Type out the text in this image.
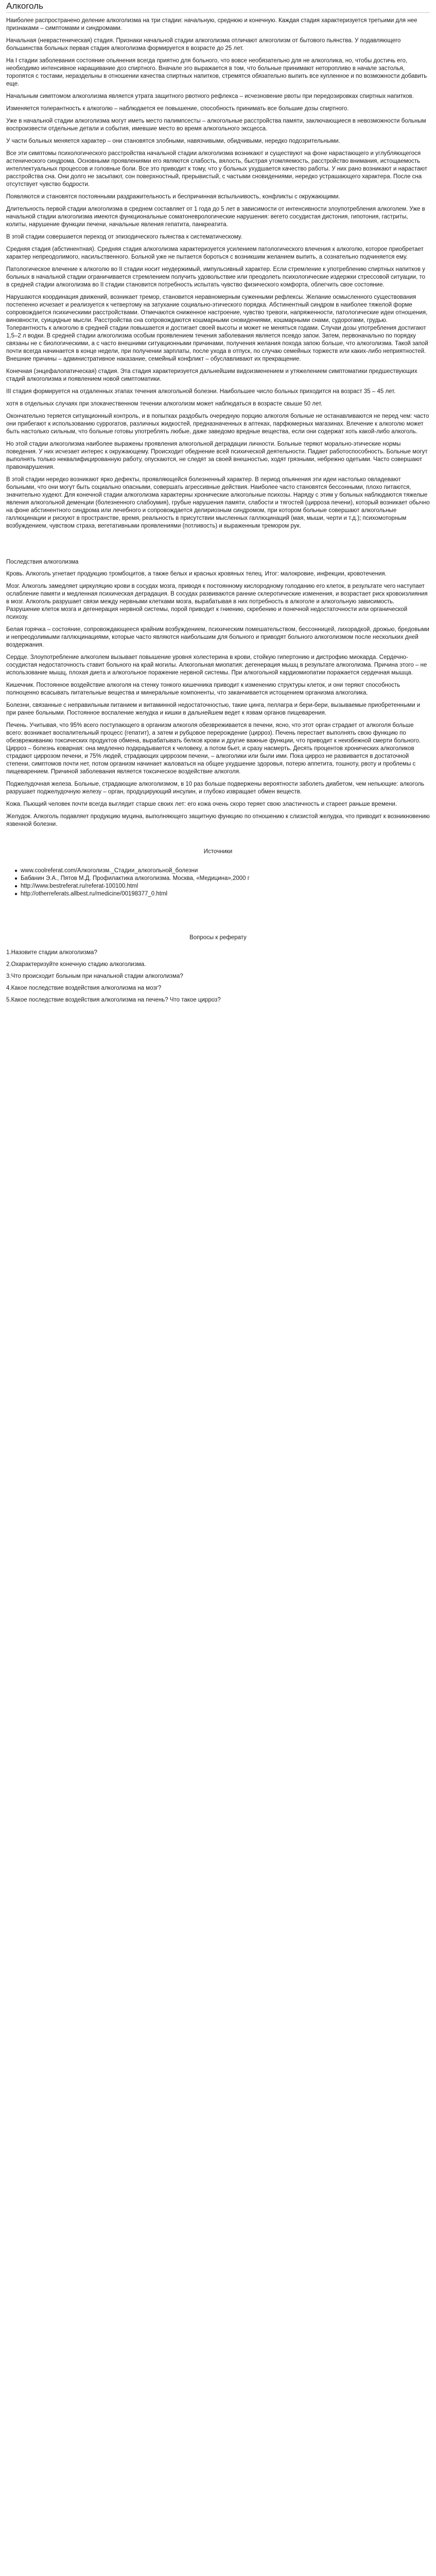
Алкоголь

Наиболее распространено деление алкоголизма на три стадии: начальную, среднюю и конечную. Каждая стадия характеризуется третьими для нее признаками – симптомами и синдромами.

Начальная (неврастеническая) стадия. Признаки начальной стадии алкоголизма отличают алкоголизм от бытового пьянства. У подавляющего большинства больных первая стадия алкоголизма формируется в возрасте до 25 лет.

На I стадии заболевания состояние опьянения всегда приятно для больного, что вовсе необязательно для не алкоголика, но, чтобы достичь его, необходимо интенсивное наращивание доз спиртного. Вначале это выражается в том, что больные принимают неторопливо в начале застолья, торопятся с тостами, нераздельны в отношении качества спиртных напитков, стремятся обязательно выпить все купленное и по возможности добавить еще.

Начальным симптомом алкоголизма является утрата защитного рвотного рефлекса – исчезновение рвоты при передозировках спиртных напитков.

Изменяется толерантность к алкоголю – наблюдается ее повышение, способность принимать все большие дозы спиртного.

Уже в начальной стадии алкоголизма могут иметь место палимпсесты – алкогольные расстройства памяти, заключающиеся в невозможности больным воспроизвести отдельные детали и события, имевшие место во время алкогольного эксцесса.

У части больных меняется характер – они становятся злобными, навязчивыми, обидчивыми, нередко подозрительными.

Все эти симптомы психологического расстройства начальной стадии алкоголизма возникают и существуют на фоне нарастающего и углубляющегося астенического синдрома. Основными проявлениями его являются слабость, вялость, быстрая утомляемость, расстройство внимания, истощаемость интеллектуальных процессов и головные боли. Все это приводит к тому, что у больных ухудшается качество работы. У них рано возникают и нарастают расстройства сна. Они долго не засыпают, сон поверхностный, прерывистый, с частыми сновидениями, нередко устрашающего характера. После сна отсутствует чувство бодрости.

Появляются и становятся постоянными раздражительность и беспричинная вспыльчивость, конфликты с окружающими.

Длительность первой стадии алкоголизма в среднем составляет от 1 года до 5 лет в зависимости от интенсивности злоупотребления алкоголем. Уже в начальной стадии алкоголизма имеются функциональные соматоневрологические нарушения: вегето сосудистая дистония, гипотония, гастриты, колиты, нарушение функции печени, начальные явления гепатита, панкреатита.

В этой стадии совершается переход от эпизодического пьянства к систематическому.

Средняя стадия (абстинентная). Средняя стадия алкоголизма характеризуется усилением патологического влечения к алкоголю, которое приобретает характер непреодолимого, насильственного. Больной уже не пытается бороться с возникшим желанием выпить, а сознательно подчиняется ему.

Патологическое влечение к алкоголю во II стадии носит неудержимый, импульсивный характер. Если стремление к употреблению спиртных напитков у больных в начальной стадии ограничивается стремлением получить удовольствие или преодолеть психологические издержки стрессовой ситуации, то в средней стадии алкоголизма во II стадии становится потребность испытать чувство физического комфорта, облегчить свое состояние.

Нарушаются координация движений, возникает тремор, становится неравномерным суженными рефлексы. Желание осмысленного существования постепенно исчезает и реализуется к четвертому на затухание социально-этического порядка. Абстинентный синдром в наиболее тяжелой форме сопровождается психическими расстройствами. Отмечаются сниженное настроение, чувство тревоги, напряженности, патологические идеи отношения, виновности, суицидные мысли. Расстройства сна сопровождаются кошмарными сновидениями, кошмарными снами, судорогами, грудью. Толерантность к алкоголю в средней стадии повышается и достигает своей высоты и может не меняться годами. Случаи дозы употребления достигают 1,5–2 л водки. В средней стадии алкоголизма особым проявлением течения заболевания является псевдо запои. Затем, первоначально по порядку связаны не с биологическими, а с часто внешними ситуационными причинами, получения желания похода запою больше, что алкоголизма. Такой запой почти всегда начинается в конце недели, при получении зарплаты, после ухода в отпуск, по случаю семейных торжеств или каких-либо неприятностей. Внешние причины – административное наказание, семейный конфликт – обуславливают их прекращение.

Конечная (энцефалопатическая) стадия. Эта стадия характеризуется дальнейшим видоизменением и утяжелением симптоматики предшествующих стадий алкоголизма и появлением новой симптоматики.

III стадия формируется на отдаленных этапах течения алкогольной болезни. Наибольшее число больных приходится на возраст 35 – 45 лет.

хотя в отдельных случаях при злокачественном течении алкоголизм может наблюдаться в возрасте свыше 50 лет.

Окончательно теряется ситуационный контроль, и в попытках раздобыть очередную порцию алкоголя больные не останавливаются не перед чем: часто они прибегают к использованию суррогатов, различных жидкостей, предназначенных в аптеках, парфюмерных магазинах. Влечение к алкоголю может быть настолько сильным, что больные готовы употреблять любые, даже заведомо вредные вещества, если они содержат хоть какой-либо алкоголь.

Но этой стадии алкоголизма наиболее выражены проявления алкогольной деградации личности. Больные теряют морально-этические нормы поведения. У них исчезает интерес к окружающему. Происходит обеднение всей психической деятельности. Падает работоспособность. Больные могут выполнять только неквалифицированную работу, опускаются, не следят за своей внешностью, ходят грязными, небрежно одетыми. Часто совершают правонарушения.

В этой стадии нередко возникают ярко дефекты, проявляющейся болезненный характер. В период опьянения эти идеи настолько овладевают больными, что они могут быть социально опасными, совершать агрессивные действия. Наиболее часто становятся бессонными, плохо питаются, значительно худеют. Для конечной стадии алкоголизма характерны хронические алкогольные психозы. Наряду с этим у больных наблюдаются тяжелые явления алкогольной деменции (болезненного слабоумия), грубые нарушения памяти, слабости и тягостей (цирроза печени), который возникает обычно на фоне абстинентного синдрома или лечебного и сопровождается делириозным синдромом, при котором больные совершают алкогольные галлюцинации и рискуют в пространстве, время, реальность в присутствии мысленных галлюцинаций (мая, мыши, черти и т.д.); психомоторным возбуждением, чувством страха, вегетативными проявлениями (потливость) и выраженным тремором рук.

Последствия алкоголизма

Кровь. Алкоголь угнетает продукцию тромбоцитов, а также белых и красных кровяных телец. Итог: малокровие, инфекции, кровотечения.

Мозг. Алкоголь замедляет циркуляцию крови в сосудах мозга, приводя к постоянному кислородному голоданию его клеток, в результате чего наступает ослабление памяти и медленная психическая деградация. В сосудах развиваются ранние склеротические изменения, и возрастает риск кровоизлияния в мозг. Алкоголь разрушает связи между нервными клетками мозга, вырабатывая в них потребность в алкоголе и алкогольную зависимость. Разрушение клеток мозга и дегенерация нервной системы, порой приводит к гниению, скребению и понечной недостаточности или органической психозу.

Белая горячка – состояние, сопровождающееся крайним возбуждением, психическим помешательством, бессонницей, лихорадкой, дрожью, бредовыми и непреодолимыми галлюцинациями, которые часто являются наибольшим для больного и приводят больного алкоголизмом после нескольких дней воздержания.

Сердце. Злоупотребление алкоголем вызывает повышение уровня холестерина в крови, стойкую гипертонию и дистрофию миокарда. Сердечно-сосудистая недостаточность ставит больного на край могилы. Алкогольная миопатия: дегенерация мышц в результате алкоголизма. Причина этого – не использование мышц, плохая диета и алкогольное поражение нервной системы. При алкогольной кардиомиопатии поражается сердечная мышца.

Кишечник. Постоянное воздействие алкоголя на стенку тонкого кишечника приводит к изменению структуры клеток, и они теряют способность полноценно всасывать питательные вещества и минеральные компоненты, что заканчивается истощением организма алкоголика.

Болезни, связанные с неправильным питанием и витаминной недостаточностью, такие цинга, пеллагра и бери-бери, вызываемые приобретенными и при ранее больными. Постоянное воспаление желудка и кишки в дальнейшем ведет к язвам органов пищеварения.

Печень. Учитывая, что 95% всего поступающего в организм алкоголя обезвреживается в печени, ясно, что этот орган страдает от алкоголя больше всего: возникает воспалительный процесс (гепатит), а затем и рубцовое перерождение (цирроз). Печень перестает выполнять свою функцию по обезвреживанию токсических продуктов обмена, вырабатывать белков крови и другие важные функции, что приводит к неизбежной смерти больного. Цирроз – болезнь коварная: она медленно подкрадывается к человеку, а потом бьет, и сразу насмерть. Десять процентов хронических алкоголиков страдают циррозом печени, и 75% людей, страдающих циррозом печени, – алкоголики или были ими. Пока цирроз не развивается в достаточной степени, симптомов почти нет, потом организм начинает жаловаться на общее ухудшение здоровья, потерю аппетита, тошноту, рвоту и проблемы с пищеварением. Причиной заболевания является токсическое воздействие алкоголя.

Поджелудочная железа. Больные, страдающие алкоголизмом, в 10 раз больше подвержены вероятности заболеть диабетом, чем непьющие: алкоголь разрушает поджелудочную железу – орган, продуцирующий инсулин, и глубоко извращает обмен веществ.

Кожа. Пьющий человек почти всегда выглядит старше своих лет: его кожа очень скоро теряет свою эластичность и стареет раньше времени.

Желудок. Алкоголь подавляет продукцию муцина, выполняющего защитную функцию по отношению к слизистой желудка, что приводит к возникновению язвенной болезни.

Источники
● www.coolreferat.com/Алкоголизм._Стадии_алкогольной_болезни
● Бабанин Э.А., Пятов М.Д. Профилактика алкоголизма. Москва, «Медицина»,2000 г
● http://www.bestreferat.ru/referat-100100.html
● http://otherreferats.allbest.ru/medicine/00198377_0.html
Вопросы к реферату
1.Назовите стадии алкоголизма?
2.Охарактеризуйте конечную стадию алкоголизма.
3.Что происходит больным при начальной стадии алкоголизма?
4.Какое последствие воздействия алкоголизма на мозг?
5.Какое последствие воздействия алкоголизма на печень? Что такое цирроз?
